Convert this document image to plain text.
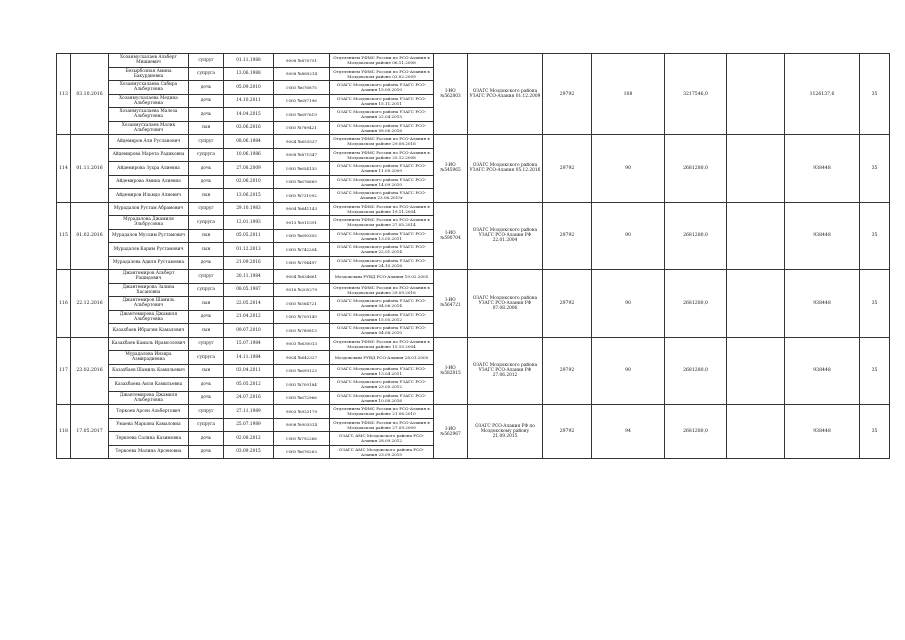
113	03.10.2016	Хозанмусхалаев Альберт Мишиевич	супруг	01.11.1988	9008 №870751	Отделением УФМС России по РСО-Алания в Моздокском районе 06.11.2008	I-ИО №562803	ОЗАГС Моздокского района УЗАГС РСО-Алания 01.12.2009	29792	108	3217546,0		1126137,6	35
		Безырбозная Аминa Бакурдиевна	супруга	13.06.1988	9008 №889214	Отделением УФМС России по РСО-Алания в Моздокском районе 02.02.2009								
		Хозанмусхалаева Сабира Альбертовна	дочь	05.09.2010	I-ИО №676875	ОЗАГС Моздокского района УЗАГС РСО-Алания 15.09.2010								
		Хозанмусхалаева Медина Альбертовна	дочь	14.10.2011	I-ИО №697196	ОЗАГС Моздокского района УЗАГС РСО-Алания 15.11.2011								
		Хозанмусхалаева Малеза Альбертовна	дочь	14.04.2015	I-ИО №697619	ОЗАГС Моздокского района УЗАГС РСО-Алания 22.04.2015								
		Хозанмусхалаев Малик Альбертович	сын	03.06.2016	I-ИО №789421	ОЗАГС Моздокского района УЗАГС РСО-Алания 08.06.2016								
114	01.11.2016	Айдемиров Али Русланович	супруг	08.06.1984	9004 №653537	Отделением УФМС России по РСО-Алания в Моздокском районе 29.08.2016	I-ИО №545965	ОЗАГС Моздокского района УЗАГС РСО-Алания 05.12.2016	29792	90	2681280,0		938448	35
		Айдемирова Марета Радиковна	супруга	10.06.1986	9008 №871547	Отделением УФМС России по РСО-Алания в Моздокском районе 25.12.2008								
		Айдемирова Зухра Алиевна	дочь	27.08.2009	I-ИО №654135	ОЗАГС Моздокского района УЗАГС РСО-Алания 11.09.2009								
		Айдемирова Амина Алиевна	дочь	02.06.2010	I-ИО №676669	ОЗАГС Моздокского района УЗАГС РСО-Алания 14.09.2010								
		Айдемиров Ильмдо Алиевич	сын	13.06.2015	I-ИО №731092	ОЗАГС Моздокского района УЗАГС РСО-Алания 23.06.2015г								
115	01.02.2016	Мурадалов Рустам Абрамович	супруг	29.10.1983	9004 №641143	Отделением УФМС России по РСО-Алания в Моздокском районе 19.11.2004	I-ИО №590704	ОЗАГС Моздокского района УЗАГС РСО-Алания РФ 22.01.2004	29792	90	2681280,0		938448	35
		Мурадалова Джамиля Эльбрусовна	супруга	12.01.1993	9013 №011591	Отделением УФМС России по РСО-Алания в Моздокском районе 27.05.2014								
		Мурадалов Муслим Рустамович	сын	05.05.2011	I-ИО №690305	ОЗАГС Моздокского района УЗАГС РСО-Алания 13.05.2011								
		Мурадалов Карим Рустамович	сын	01.12.2013	I-ИО №742204	ОЗАГС Моздокского района УЗАГС РСО-Алания 22.01.2014								
		Мурадалова Адиля Рустамовна	дочь	21.09.2016	I-ИО №794497	ОЗАГС Моздокского района УЗАГС РСО-Алания 24.10.2016								
116	22.12.2016	Джантемиров Альберт Рашидович	супруг	20.11.1984	9004 №634661	Моздокским РУВД РСО-Алания 19.02.2005	I-ИО №564721	ОЗАГС Моздокского района УЗАГС РСО-Алания РФ 07.08.2006	29792	90	2681280,0		938448	35
		Джантемирова Залина Хасановна	супруга	08.05.1987	9016 №205279	Отделением УФМС России по РСО-Алания в Моздокском районе 29.09.2016								
		Джантемиров Шамиль Альбертович	сын	22.05.2014	I-ИО №564721	ОЗАГС Моздокского района УЗАГС РСО-Алания 04.06.2014								
		Джантемирова Джамиля Альбертовна	дочь	21.04.2012	I-ИО №709149	ОЗАГС Моздокского района УЗАГС РСО-Алания 15.05.2012								
		Казахбаев Ибрагим Камалович	сын	09.07.2010	I-ИО №789813	ОЗАГС Моздокского района УЗАГС РСО-Алания 04.08.2010								
117	23.02.2016	Казахбаев Камаль Ирамсолович	супруг	15.07.1984	9003 №630013	Отделением УФМС России по РСО-Алания в Моздокском районе 15.10.2004	I-ИО №582815	ОЗАГС Моздокского района УЗАГС РСО-Алания РФ 27.06.2012	29792	90	2681280,0		938448	35
		Мурадалова Инзира Азмирадиевна	супруга	14.11.1984	9004 №642327	Моздокским РУВД РСО-Алания 28.01.2005								
		Казахбаев Шамиль Камильевич	сын	03.04.2011	I-ИО №699123	ОЗАГС Моздокского района УЗАГС РСО-Алания 13.04.2011								
		Казахбаева Аиля Камильевна	дочь	05.05.2012	I-ИО №709184	ОЗАГС Моздокского района УЗАГС РСО-Алания 23.05.2012								
		Джантемирова Джамиля Альбертовна	дочь	24.07.2016	I-ИО №672966	ОЗАГС Моздокского района УЗАГС РСО-Алания 10.08.2016								
118	17.05.2017	Теркоев Арсен Альбертович	супруг	27.11.1989	9003 №923179	Отделением УФМС России по РСО-Алания в Моздокском районе 21.06.2010	I-ИО №562967	ОЗАГС РСО-Алания РФ по Моздокскому району 21.09.2015	29792	94	2681280,0		938448	35
		Умаева Марьяна Камаловна	супруга	25.07.1989	9008 №903514	Отделением УФМС России по РСО-Алания в Моздокском районе 27.09.2009								
		Теркоева Салина Казимовна	дочь	02.08.2012	I-ИО №792266	ОЗАГС АМС Моздокского района РСО-Алания 28.09.2012								
		Теркоева Малина Арсеновна	дочь	03.09.2015	I-ИО №676263	ОЗАГС АМС Моздокского района РСО-Алания 23.09.2015								
